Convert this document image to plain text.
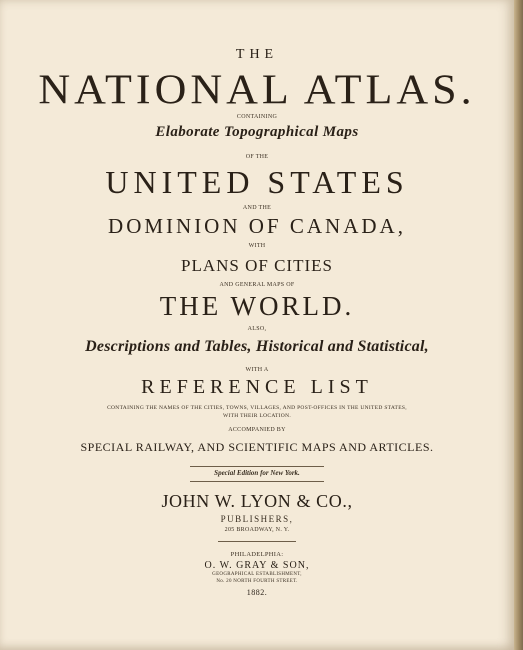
THE
NATIONAL ATLAS.
CONTAINING
Elaborate Topographical Maps
OF THE
UNITED STATES
AND THE
DOMINION OF CANADA,
WITH
PLANS OF CITIES
AND GENERAL MAPS OF
THE WORLD.
ALSO,
Descriptions and Tables, Historical and Statistical,
WITH A
REFERENCE LIST
CONTAINING THE NAMES OF THE CITIES, TOWNS, VILLAGES, AND POST-OFFICES IN THE UNITED STATES,
WITH THEIR LOCATION.
ACCOMPANIED BY
SPECIAL RAILWAY, AND SCIENTIFIC MAPS AND ARTICLES.
Special Edition for New York.
JOHN W. LYON & CO.,
PUBLISHERS,
205 BROADWAY, N. Y.
PHILADELPHIA:
O. W. GRAY & SON,
GEOGRAPHICAL ESTABLISHMENT,
No. 20 NORTH FOURTH STREET.
1882.
